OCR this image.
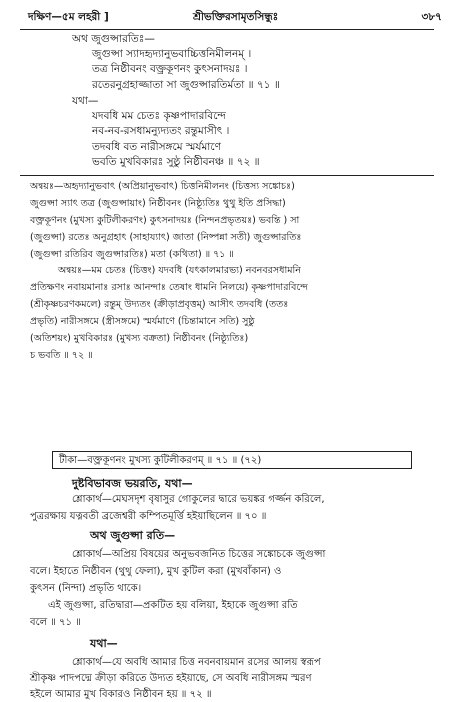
দক্ষিণ—৫ম লহরী ]	শ্রীভক্তিরসামৃতসিন্ধুঃ	৩৮৭
অথ জুগুপ্সারতিঃ—
জুগুপ্সা স্যাদহৃদ্যানুভবাচ্চিত্তনিমীলনম্ ।
তত্র নিষ্ঠীবনং বক্ত্রকূণনং কুৎসনাদয়ঃ ।
রতেরনুগ্রহাজ্জাতা সা জুগুপ্সারতির্মতা ॥ ৭১ ॥
যথা—
যদবধি মম চেতঃ কৃষ্ণপাদারবিন্দে
নব-নব-রসধামন্যুদ্যতং রন্তুমাসীৎ ।
তদবধি বত নারীসঙ্গমে স্মর্যমাণে
ভবতি মুখবিকারঃ সুষ্ঠু নিষ্ঠীবনঞ্চ ॥ ৭২ ॥
অন্বয়ঃ—অহৃদ্যানুভবাৎ (অপ্রিয়ানুভবাৎ) চিত্তনিমীলনং (চিত্তস্য সঙ্কোচঃ)
জুগুপ্সা স্যাৎ তত্র (জুগুপ্সায়াং) নিষ্ঠীবনং (নিষ্ঠ্যূতিঃ থুথু ইতি প্রসিদ্ধা)
বক্ত্রকূণনং (মুখস্য কুটিলীকরণং) কুৎসনাদয়ঃ (নিন্দনপ্রভৃতয়ঃ) ভবন্তি ) সা
(জুগুপ্সা) রতেঃ অনুগ্রহাৎ (সাহায্যাৎ) জাতা (নিষ্পন্না সতী) জুগুপ্সারতিঃ
(জুগুপ্সা রতিরিব জুগুপ্সারতিঃ) মতা (কথিতা) ॥ ৭১ ॥
অন্বয়ঃ—মম চেতঃ (চিত্তং) যদবধি (যৎকালমারভ্য) নবনবরসধামনি
প্রতিক্ষণং নবায়মানাঃ রসাঃ আনন্দাঃ তেষাং ধামনি নিলয়ে) কৃষ্ণপাদারবিন্দে
(শ্রীকৃষ্ণচরণকমলে) রন্তুম্ উদ্যতং (ক্রীড়াপ্রবৃত্তম্) আসীৎ তদবধি (ততঃ
প্রভৃতি) নারীসঙ্গমে (স্ত্রীসঙ্গমে) স্মর্যমাণে (চিন্তামানে সতি) সুষ্ঠু
(অতিশয়ং) মুখবিকারঃ (মুখস্য বক্রতা) নিষ্ঠীবনং (নিষ্ঠ্যূতিঃ)
চ ভবতি ॥ ৭২ ॥
টীকা—বক্ত্রকূণনং মুখস্য কুটিলীকরণম্ ॥ ৭১ ॥ (৭২)
দুষ্টবিভাবজ ভয়রতি, যথা—
শ্লোকার্থ—মেঘসদৃশ বৃষাসুর গোকুলের দ্বারে ভয়ঙ্কর গর্জ্জন করিলে,
পুত্ররক্ষায় যত্নবতী ব্রজেশ্বরী কম্পিতমূর্ত্তি হইয়াছিলেন ॥ ৭০ ॥
অথ জুগুপ্সা রতি—
শ্লোকার্থ—অপ্রিয় বিষয়ের অনুভবজনিত চিত্তের সঙ্কোচকে জুগুপ্সা
বলে। ইহাতে নিষ্ঠীবন (থুথু ফেলা), মুখ কুটিল করা (মুখবাঁকান) ও
কুৎসন (নিন্দা) প্রভৃতি থাকে।
এই জুগুপ্সা, রতিদ্বারা—প্রকটিত হয় বলিয়া, ইহাকে জুগুপ্সা রতি
বলে ॥ ৭১ ॥
যথা—
শ্লোকার্থ—যে অবধি আমার চিত্ত নবনবায়মান রসের আলয় স্বরূপ
শ্রীকৃষ্ণ পাদপদ্মে ক্রীড়া করিতে উদ্যত হইয়াছে, সে অবধি নারীসঙ্গম স্মরণ
হইলে আমার মুখ বিকারও নিষ্ঠীবন হয় ॥ ৭২ ॥
